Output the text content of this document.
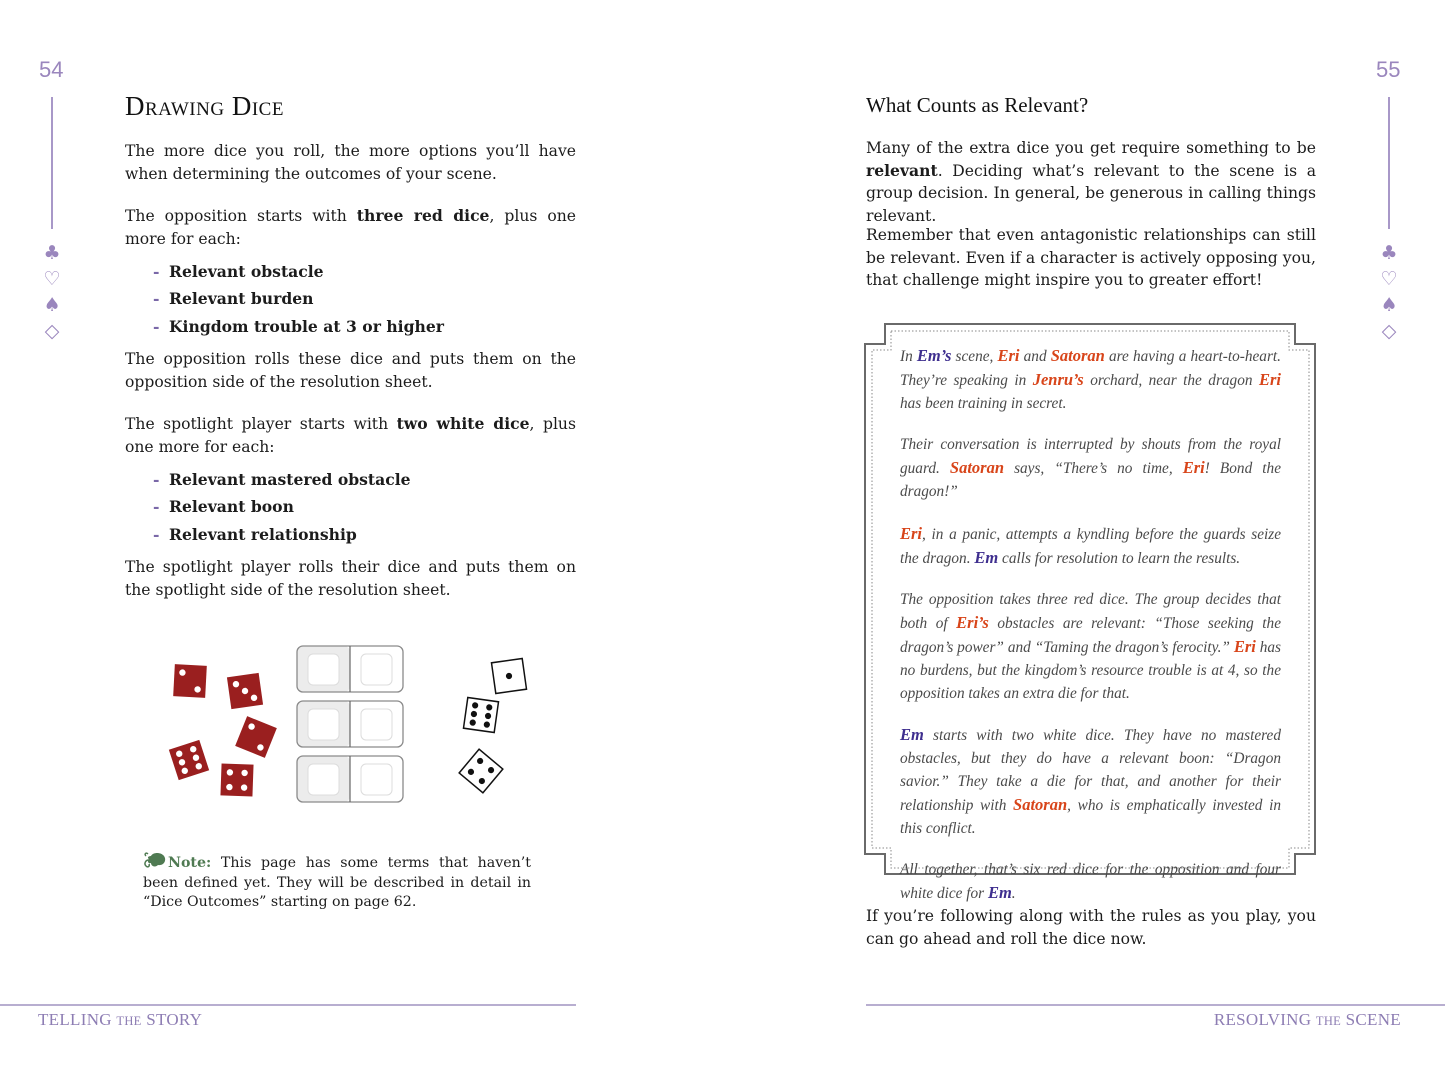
54
♣
♡
♠
◇
Drawing Dice

The more dice you roll, the more options you’ll have when determining the outcomes of your scene.

The opposition starts with three red dice, plus one more for each:

- Relevant obstacle
- Relevant burden
- Kingdom trouble at 3 or higher

The opposition rolls these dice and puts them on the opposition side of the resolution sheet.

The spotlight player starts with two white dice, plus one more for each:

- Relevant mastered obstacle
- Relevant boon
- Relevant relationship

The spotlight player rolls their dice and puts them on the spotlight side of the resolution sheet.

Note: This page has some terms that haven’t been defined yet. They will be described in detail in “Dice Outcomes” starting on page 62.
TELLING THE STORY
55
♣
♡
♠
◇
What Counts as Relevant?

Many of the extra dice you get require something to be relevant. Deciding what’s relevant to the scene is a group decision. In general, be generous in calling things relevant.

Remember that even antagonistic relationships can still be relevant. Even if a character is actively opposing you, that challenge might inspire you to greater effort!

In Em’s scene, Eri and Satoran are having a heart-to-heart. They’re speaking in Jenru’s orchard, near the dragon Eri has been training in secret.

Their conversation is interrupted by shouts from the royal guard. Satoran says, “There’s no time, Eri! Bond the dragon!”

Eri, in a panic, attempts a kyndling before the guards seize the dragon. Em calls for resolution to learn the results.

The opposition takes three red dice. The group decides that both of Eri’s obstacles are relevant: “Those seeking the dragon’s power” and “Taming the dragon’s ferocity.” Eri has no burdens, but the kingdom’s resource trouble is at 4, so the opposition takes an extra die for that.

Em starts with two white dice. They have no mastered obstacles, but they do have a relevant boon: “Dragon savior.” They take a die for that, and another for their relationship with Satoran, who is emphatically invested in this conflict.

All together, that’s six red dice for the opposition and four white dice for Em.

If you’re following along with the rules as you play, you can go ahead and roll the dice now.

RESOLVING THE SCENE
